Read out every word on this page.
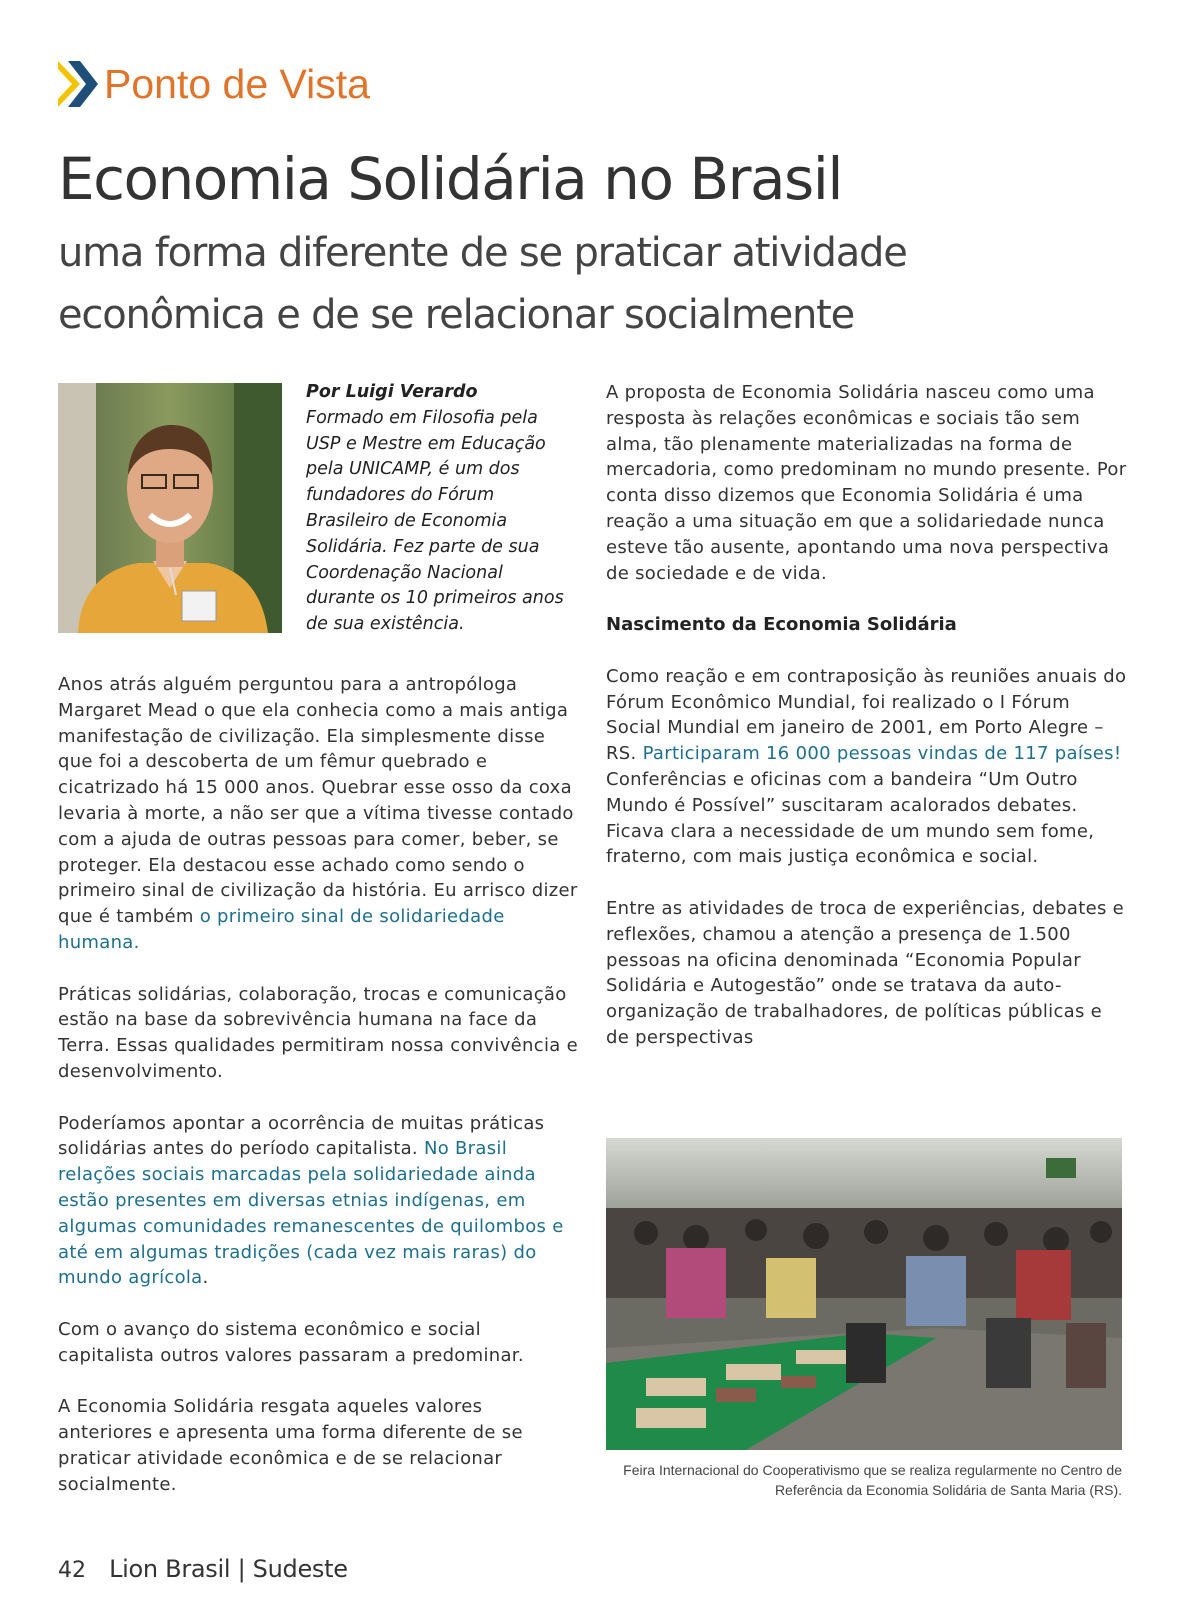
Ponto de Vista
Economia Solidária no Brasil
uma forma diferente de se praticar atividade econômica e de se relacionar socialmente
Por Luigi Verardo
Formado em Filosofia pela USP e Mestre em Educação pela UNICAMP, é um dos fundadores do Fórum Brasileiro de Economia Solidária. Fez parte de sua Coordenação Nacional durante os 10 primeiros anos de sua existência.

Anos atrás alguém perguntou para a antropóloga Margaret Mead o que ela conhecia como a mais antiga manifestação de civilização. Ela simplesmente disse que foi a descoberta de um fêmur quebrado e cicatrizado há 15 000 anos. Quebrar esse osso da coxa levaria à morte, a não ser que a vítima tivesse contado com a ajuda de outras pessoas para comer, beber, se proteger. Ela destacou esse achado como sendo o primeiro sinal de civilização da história. Eu arrisco dizer que é também o primeiro sinal de solidariedade humana.

Práticas solidárias, colaboração, trocas e comunicação estão na base da sobrevivência humana na face da Terra. Essas qualidades permitiram nossa convivência e desenvolvimento.

Poderíamos apontar a ocorrência de muitas práticas solidárias antes do período capitalista. No Brasil relações sociais marcadas pela solidariedade ainda estão presentes em diversas etnias indígenas, em algumas comunidades remanescentes de quilombos e até em algumas tradições (cada vez mais raras) do mundo agrícola.

Com o avanço do sistema econômico e social capitalista outros valores passaram a predominar.

A Economia Solidária resgata aqueles valores anteriores e apresenta uma forma diferente de se praticar atividade econômica e de se relacionar socialmente.

A proposta de Economia Solidária nasceu como uma resposta às relações econômicas e sociais tão sem alma, tão plenamente materializadas na forma de mercadoria, como predominam no mundo presente. Por conta disso dizemos que Economia Solidária é uma reação a uma situação em que a solidariedade nunca esteve tão ausente, apontando uma nova perspectiva de sociedade e de vida.

Nascimento da Economia Solidária

Como reação e em contraposição às reuniões anuais do Fórum Econômico Mundial, foi realizado o I Fórum Social Mundial em janeiro de 2001, em Porto Alegre – RS. Participaram 16 000 pessoas vindas de 117 países! Conferências e oficinas com a bandeira “Um Outro Mundo é Possível” suscitaram acalorados debates. Ficava clara a necessidade de um mundo sem fome, fraterno, com mais justiça econômica e social.

Entre as atividades de troca de experiências, debates e reflexões, chamou a atenção a presença de 1.500 pessoas na oficina denominada “Economia Popular Solidária e Autogestão” onde se tratava da auto-organização de trabalhadores, de políticas públicas e de perspectivas

Feira Internacional do Cooperativismo que se realiza regularmente no Centro de Referência da Economia Solidária de Santa Maria (RS).
42 Lion Brasil | Sudeste
